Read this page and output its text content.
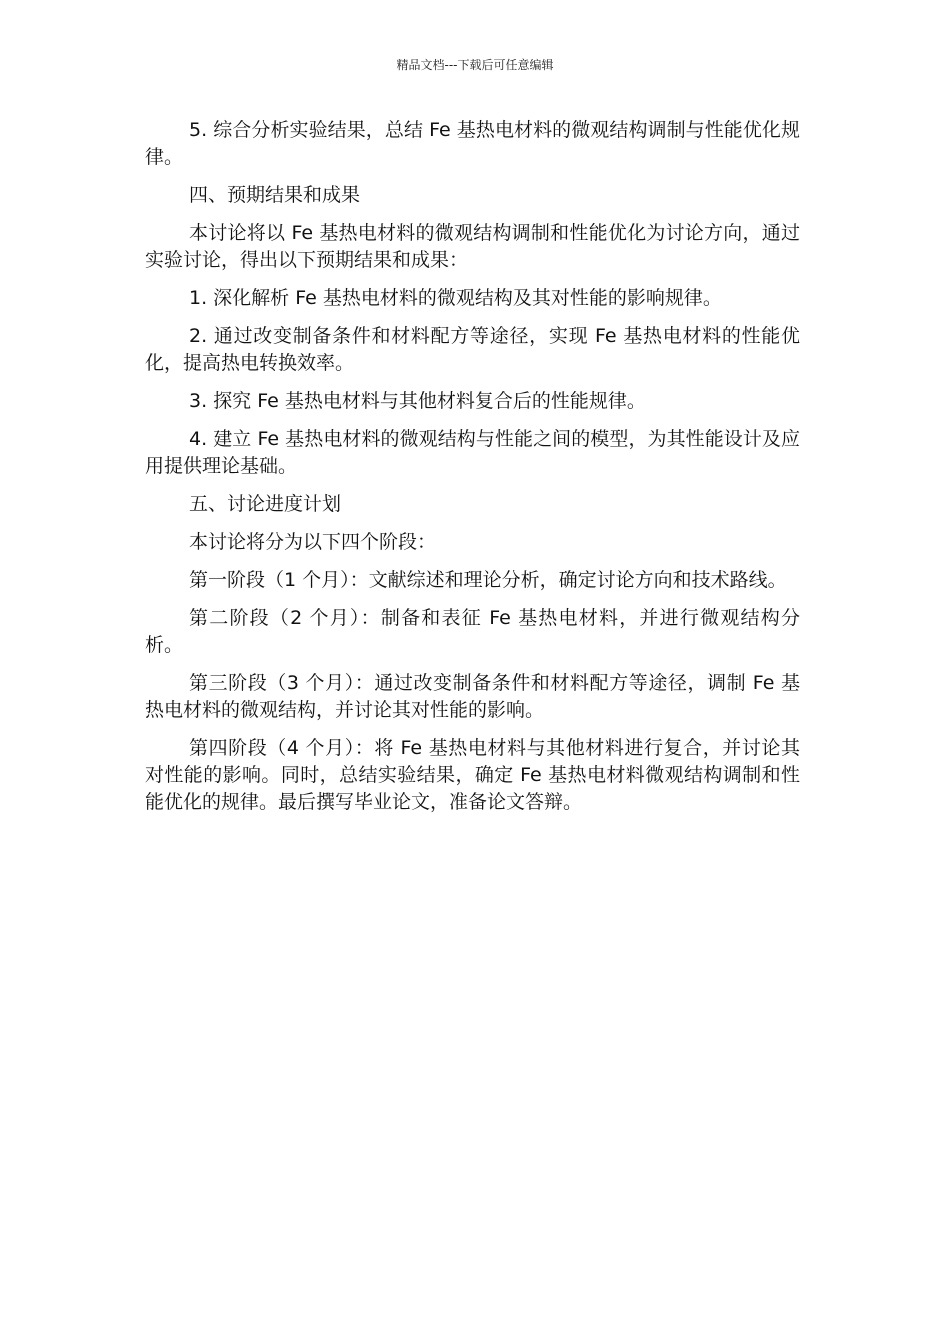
精品文档---下载后可任意编辑

5. 综合分析实验结果，总结 Fe 基热电材料的微观结构调制与性能优化规律。

四、预期结果和成果

本讨论将以 Fe 基热电材料的微观结构调制和性能优化为讨论方向，通过实验讨论，得出以下预期结果和成果：

1. 深化解析 Fe 基热电材料的微观结构及其对性能的影响规律。

2. 通过改变制备条件和材料配方等途径，实现 Fe 基热电材料的性能优化，提高热电转换效率。

3. 探究 Fe 基热电材料与其他材料复合后的性能规律。

4. 建立 Fe 基热电材料的微观结构与性能之间的模型，为其性能设计及应用提供理论基础。

五、讨论进度计划

本讨论将分为以下四个阶段：

第一阶段（1 个月）：文献综述和理论分析，确定讨论方向和技术路线。

第二阶段（2 个月）：制备和表征 Fe 基热电材料，并进行微观结构分析。

第三阶段（3 个月）：通过改变制备条件和材料配方等途径，调制 Fe 基热电材料的微观结构，并讨论其对性能的影响。

第四阶段（4 个月）：将 Fe 基热电材料与其他材料进行复合，并讨论其对性能的影响。同时，总结实验结果，确定 Fe 基热电材料微观结构调制和性能优化的规律。最后撰写毕业论文，准备论文答辩。
